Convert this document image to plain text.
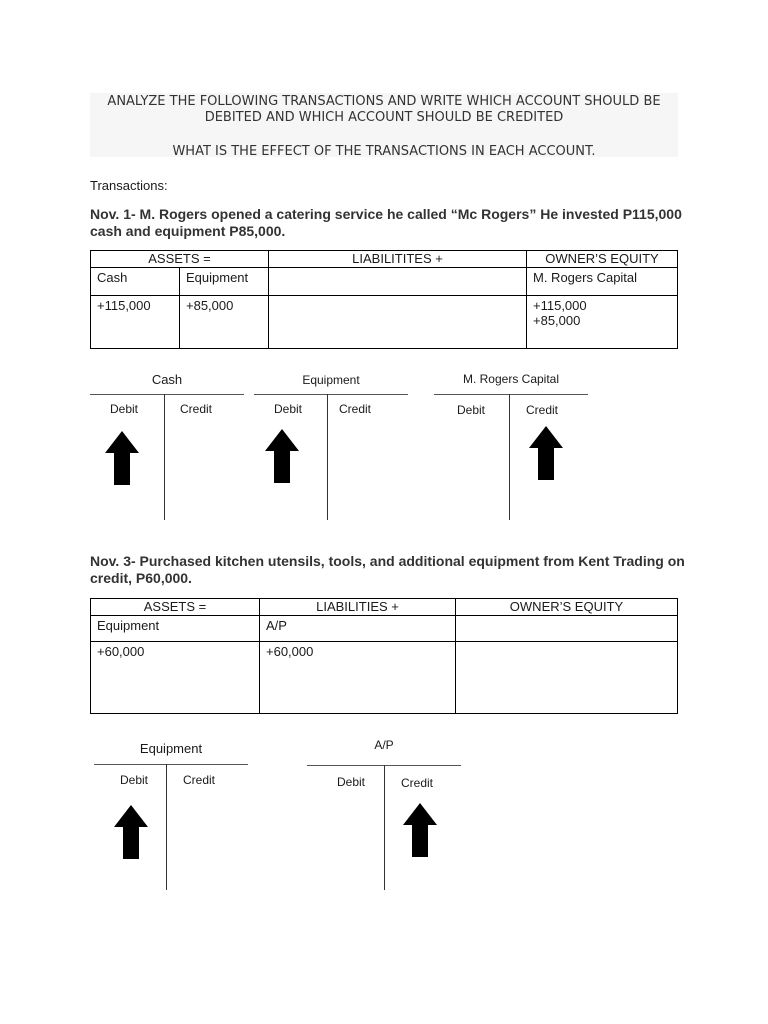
ANALYZE THE FOLLOWING TRANSACTIONS AND WRITE WHICH ACCOUNT SHOULD BE
DEBITED AND WHICH ACCOUNT SHOULD BE CREDITED
WHAT IS THE EFFECT OF THE TRANSACTIONS IN EACH ACCOUNT.
Transactions:
Nov. 1- M. Rogers opened a catering service he called “Mc Rogers” He invested P115,000
cash and equipment P85,000.
ASSETS =		LIABILITITES +	OWNER’S EQUITY
Cash	Equipment		M. Rogers Capital
+115,000	+85,000		+115,000
+85,000
Cash
Debit	Credit
Equipment
Debit	Credit
M. Rogers Capital
Debit	Credit
Nov. 3- Purchased kitchen utensils, tools, and additional equipment from Kent Trading on
credit, P60,000.
ASSETS =	LIABILITIES +	OWNER’S EQUITY
Equipment	A/P	
+60,000	+60,000	
Equipment
Debit	Credit
A/P
Debit	Credit
